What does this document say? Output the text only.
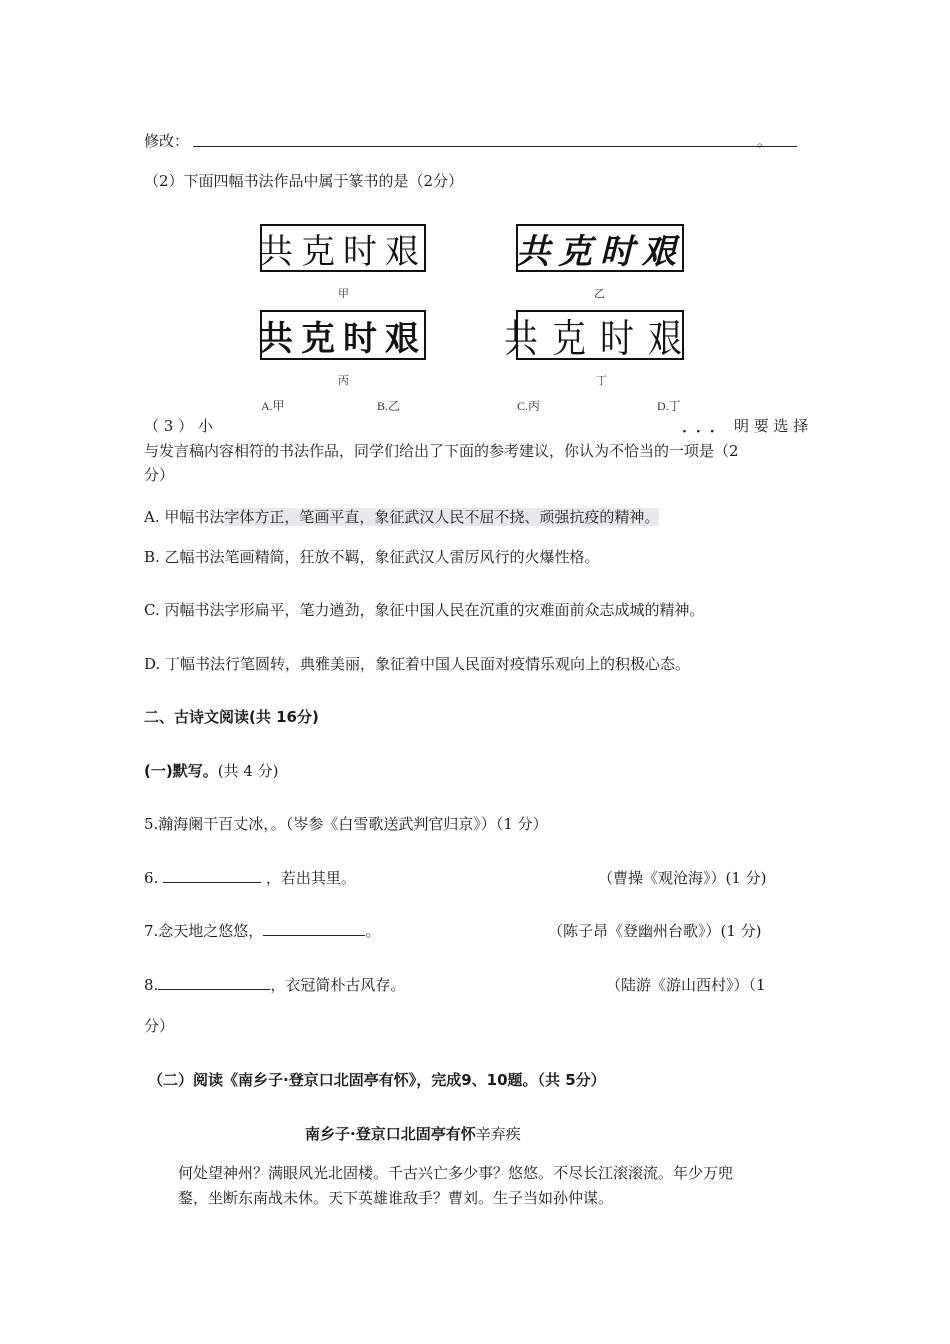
修改：	。
（2）下面四幅书法作品中属于篆书的是（2分）
共克时艰	共克时艰
甲	乙
共克时艰 共克时艰
丙	丁
A.甲	B.乙	C.丙	D.丁
（ 3 ） 小	明 要 选 择
···
与发言稿内容相符的书法作品，同学们给出了下面的参考建议，你认为不恰当的一项是（2
分）
A. 甲幅书法字体方正，笔画平直，象征武汉人民不屈不挠、顽强抗疫的精神。
B. 乙幅书法笔画精简，狂放不羁，象征武汉人雷厉风行的火爆性格。
C. 丙幅书法字形扁平，笔力遒劲，象征中国人民在沉重的灾难面前众志成城的精神。
D. 丁幅书法行笔圆转，典雅美丽，象征着中国人民面对疫情乐观向上的积极心态。
二、古诗文阅读(共 16分)
(一)默写。(共 4 分)
5.瀚海阑干百丈冰，。（岑参《白雪歌送武判官归京》）（1 分）
6.	，若出其里。	（曹操《观沧海》）(1 分)
7.念天地之悠悠，	。	（陈子昂《登幽州台歌》）(1 分)
8.	，衣冠简朴古风存。	（陆游《游山西村》）（1
分）
（二）阅读《南乡子·登京口北固亭有怀》，完成9、10题。（共 5分）
南乡子·登京口北固亭有怀辛弃疾
何处望神州？满眼风光北固楼。千古兴亡多少事？悠悠。不尽长江滚滚流。年少万兜
鍪，坐断东南战未休。天下英雄谁敌手？曹刘。生子当如孙仲谋。
